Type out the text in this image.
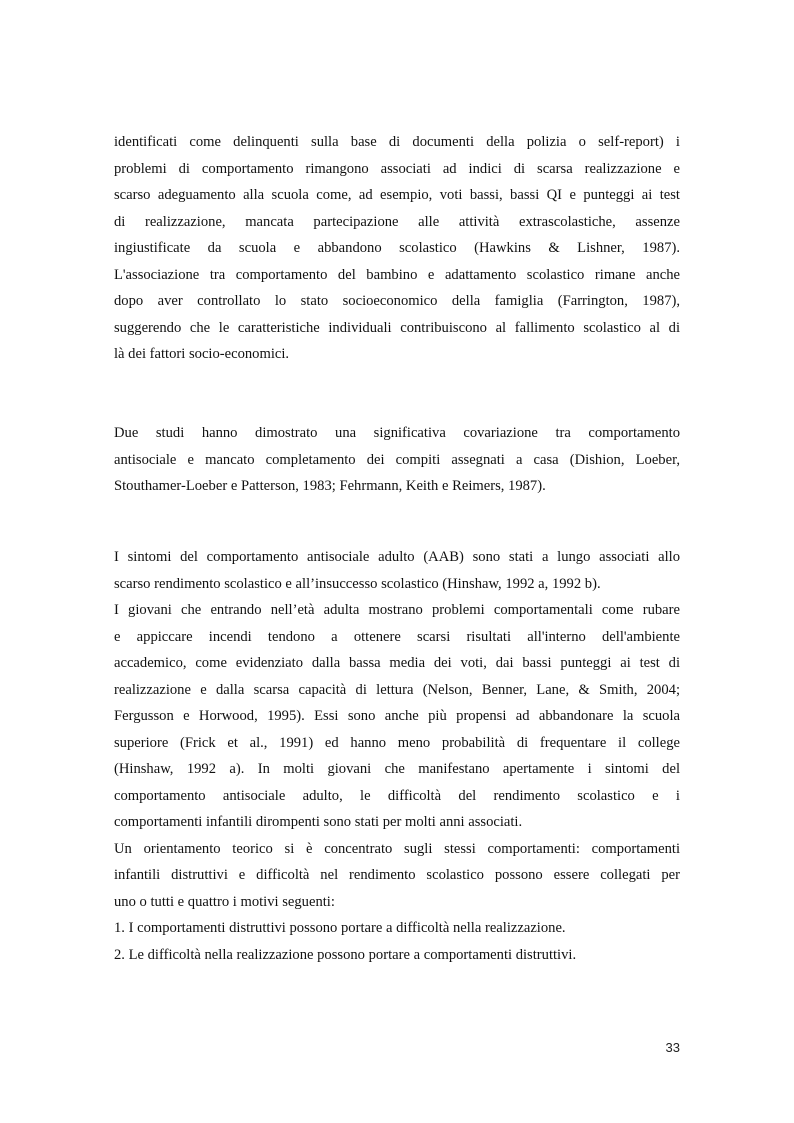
identificati come delinquenti sulla base di documenti della polizia o self-report) i
problemi di comportamento rimangono associati ad indici di scarsa realizzazione e
scarso adeguamento alla scuola come, ad esempio, voti bassi, bassi QI e punteggi ai test
di realizzazione, mancata partecipazione alle attività extrascolastiche, assenze
ingiustificate da scuola e abbandono scolastico (Hawkins & Lishner, 1987).
L'associazione tra comportamento del bambino e adattamento scolastico rimane anche
dopo aver controllato lo stato socioeconomico della famiglia (Farrington, 1987),
suggerendo che le caratteristiche individuali contribuiscono al fallimento scolastico al di
là dei fattori socio-economici.
Due studi hanno dimostrato una significativa covariazione tra comportamento
antisociale e mancato completamento dei compiti assegnati a casa (Dishion, Loeber,
Stouthamer-Loeber e Patterson, 1983; Fehrmann, Keith e Reimers, 1987).
I sintomi del comportamento antisociale adulto (AAB) sono stati a lungo associati allo
scarso rendimento scolastico e all’insuccesso scolastico (Hinshaw, 1992 a, 1992 b).
I giovani che entrando nell’età adulta mostrano problemi comportamentali come rubare
e appiccare incendi tendono a ottenere scarsi risultati all'interno dell'ambiente
accademico, come evidenziato dalla bassa media dei voti, dai bassi punteggi ai test di
realizzazione e dalla scarsa capacità di lettura (Nelson, Benner, Lane, & Smith, 2004;
Fergusson e Horwood, 1995). Essi sono anche più propensi ad abbandonare la scuola
superiore (Frick et al., 1991) ed hanno meno probabilità di frequentare il college
(Hinshaw, 1992 a). In molti giovani che manifestano apertamente i sintomi del
comportamento antisociale adulto, le difficoltà del rendimento scolastico e i
comportamenti infantili dirompenti sono stati per molti anni associati.
Un orientamento teorico si è concentrato sugli stessi comportamenti: comportamenti
infantili distruttivi e difficoltà nel rendimento scolastico possono essere collegati per
uno o tutti e quattro i motivi seguenti:
1. I comportamenti distruttivi possono portare a difficoltà nella realizzazione.
2. Le difficoltà nella realizzazione possono portare a comportamenti distruttivi.
33
